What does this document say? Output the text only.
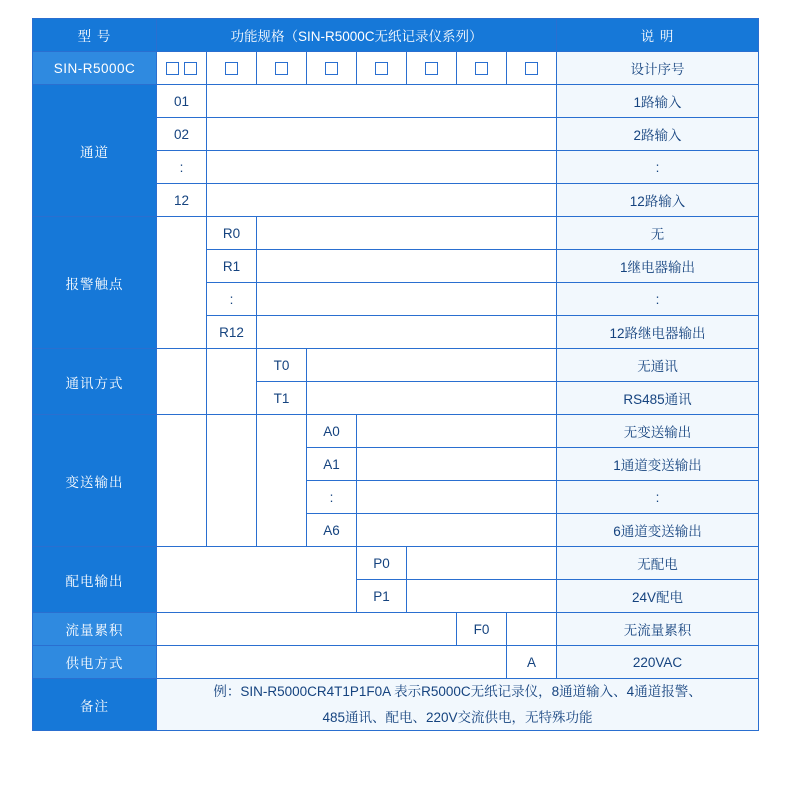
型 号	功能规格（SIN-R5000C无纸记录仪系列）								说 明
SIN-R5000C									设计序号
通道	01								1路输入
	02								2路输入
	:								:
	12								12路输入
报警触点		R0							无
		R1							1继电器输出
		:							:
		R12							12路继电器输出
通讯方式			T0						无通讯
			T1						RS485通讯
变送输出				A0					无变送输出
				A1					1通道变送输出
				:					:
				A6					6通道变送输出
配电输出					P0				无配电
					P1				24V配电
流量累积							F0		无流量累积
供电方式								A	220VAC
备注	例：SIN-R5000CR4T1P1F0A 表示R5000C无纸记录仪，8通道输入、4通道报警、
485通讯、配电、220V交流供电，无特殊功能								
